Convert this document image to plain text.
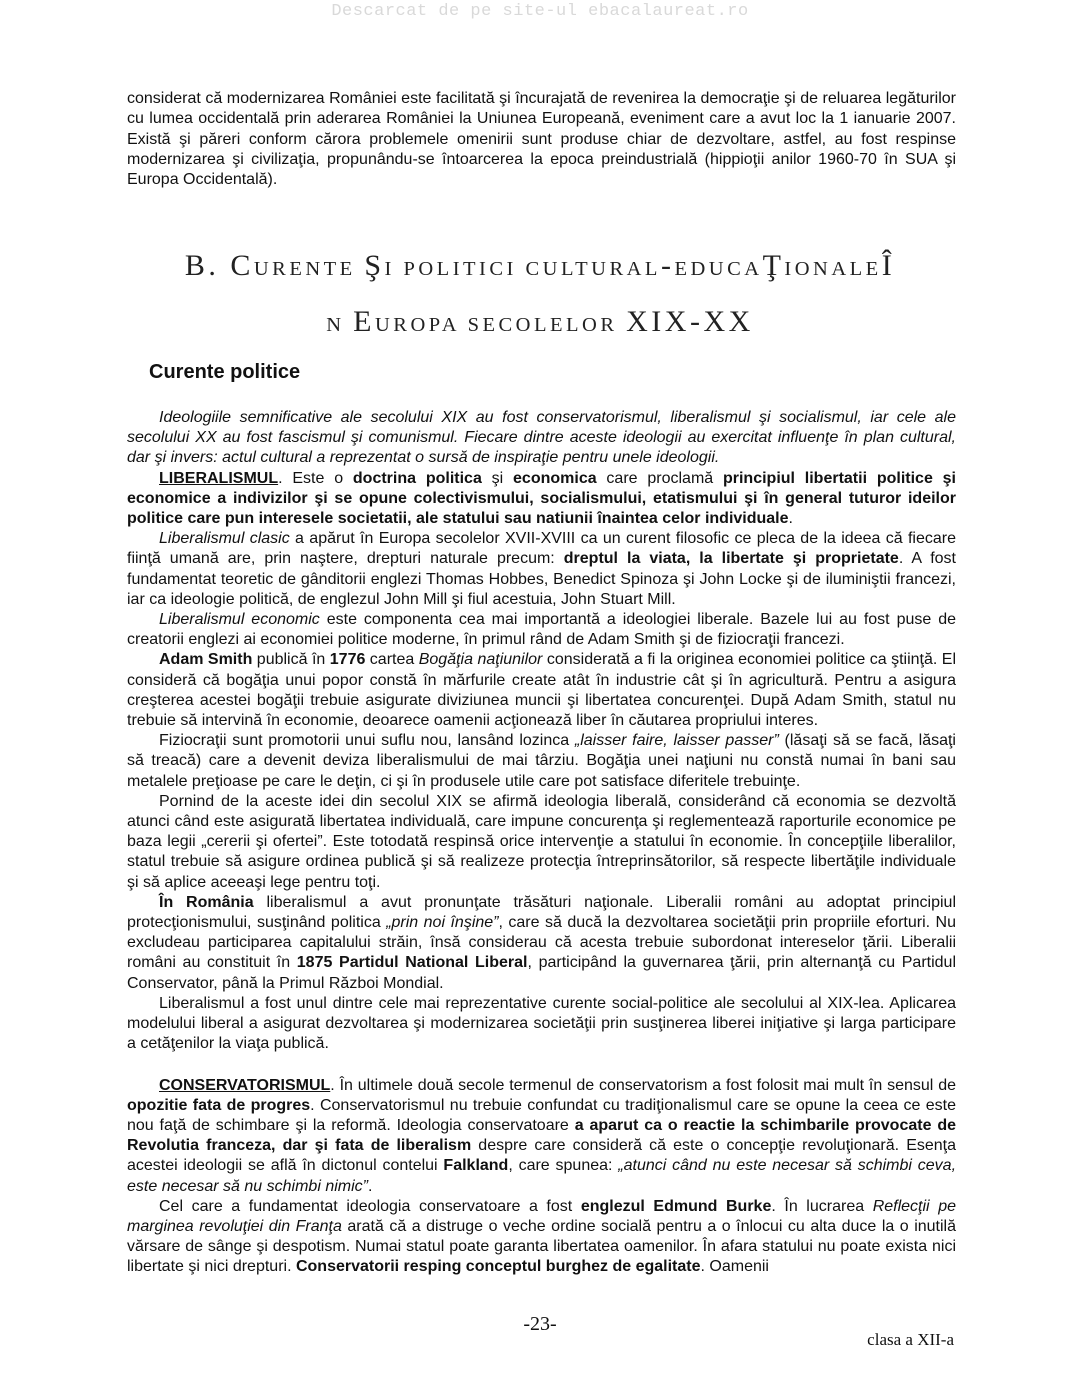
Descarcat de pe site-ul ebacalaureat.ro

considerat că modernizarea României este facilitată şi încurajată de revenirea la democraţie şi de reluarea legăturilor cu lumea occidentală prin aderarea României la Uniunea Europeană, eveniment care a avut loc la 1 ianuarie 2007. Există şi păreri conform cărora problemele omenirii sunt produse chiar de dezvoltare, astfel, au fost respinse modernizarea şi civilizaţia, propunându-se întoarcerea la epoca preindustrială (hippioţii anilor 1960-70 în SUA şi Europa Occidentală).

B. CURENTE ŞI POLITICI CULTURAL-EDUCAŢIONALEÎ
N EUROPA SECOLELOR XIX-XX
Curente politice

Ideologiile semnificative ale secolului XIX au fost conservatorismul, liberalismul şi socialismul, iar cele ale secolului XX au fost fascismul şi comunismul. Fiecare dintre aceste ideologii au exercitat influenţe în plan cultural, dar şi invers: actul cultural a reprezentat o sursă de inspiraţie pentru unele ideologii.

LIBERALISMUL. Este o doctrina politica şi economica care proclamă principiul libertatii politice şi economice a indivizilor şi se opune colectivismului, socialismului, etatismului şi în general tuturor ideilor politice care pun interesele societatii, ale statului sau natiunii înaintea celor individuale.

Liberalismul clasic a apărut în Europa secolelor XVII-XVIII ca un curent filosofic ce pleca de la ideea că fiecare fiinţă umană are, prin naştere, drepturi naturale precum: dreptul la viata, la libertate şi proprietate. A fost fundamentat teoretic de gânditorii englezi Thomas Hobbes, Benedict Spinoza şi John Locke şi de iluminiştii francezi, iar ca ideologie politică, de englezul John Mill şi fiul acestuia, John Stuart Mill.

Liberalismul economic este componenta cea mai importantă a ideologiei liberale. Bazele lui au fost puse de creatorii englezi ai economiei politice moderne, în primul rând de Adam Smith şi de fiziocraţii francezi.

Adam Smith publică în 1776 cartea Bogăţia naţiunilor considerată a fi la originea economiei politice ca ştiinţă. El consideră că bogăţia unui popor constă în mărfurile create atât în industrie cât şi în agricultură. Pentru a asigura creşterea acestei bogăţii trebuie asigurate diviziunea muncii şi libertatea concurenţei. După Adam Smith, statul nu trebuie să intervină în economie, deoarece oamenii acţionează liber în căutarea propriului interes.

Fiziocraţii sunt promotorii unui suflu nou, lansând lozinca „laisser faire, laisser passer” (lăsaţi să se facă, lăsaţi să treacă) care a devenit deviza liberalismului de mai târziu. Bogăţia unei naţiuni nu constă numai în bani sau metalele preţioase pe care le deţin, ci şi în produsele utile care pot satisface diferitele trebuinţe.

Pornind de la aceste idei din secolul XIX se afirmă ideologia liberală, considerând că economia se dezvoltă atunci când este asigurată libertatea individuală, care impune concurenţa şi reglementează raporturile economice pe baza legii „cererii şi ofertei”. Este totodată respinsă orice intervenţie a statului în economie. În concepţiile liberalilor, statul trebuie să asigure ordinea publică şi să realizeze protecţia întreprinsătorilor, să respecte libertăţile individuale şi să aplice aceeaşi lege pentru toţi.

În România liberalismul a avut pronunţate trăsături naţionale. Liberalii români au adoptat principiul protecţionismului, susţinând politica „prin noi înşine”, care să ducă la dezvoltarea societăţii prin propriile eforturi. Nu excludeau participarea capitalului străin, însă considerau că acesta trebuie subordonat intereselor ţării. Liberalii români au constituit în 1875 Partidul National Liberal, participând la guvernarea ţării, prin alternanţă cu Partidul Conservator, până la Primul Război Mondial.

Liberalismul a fost unul dintre cele mai reprezentative curente social-politice ale secolului al XIX-lea. Aplicarea modelului liberal a asigurat dezvoltarea şi modernizarea societăţii prin susţinerea liberei iniţiative şi larga participare a cetăţenilor la viaţa publică.

CONSERVATORISMUL. În ultimele două secole termenul de conservatorism a fost folosit mai mult în sensul de opozitie fata de progres. Conservatorismul nu trebuie confundat cu tradiţionalismul care se opune la ceea ce este nou faţă de schimbare şi la reformă. Ideologia conservatoare a aparut ca o reactie la schimbarile provocate de Revolutia franceza, dar şi fata de liberalism despre care consideră că este o concepţie revoluţionară. Esenţa acestei ideologii se află în dictonul contelui Falkland, care spunea: „atunci când nu este necesar să schimbi ceva, este necesar să nu schimbi nimic”.

Cel care a fundamentat ideologia conservatoare a fost englezul Edmund Burke. În lucrarea Reflecţii pe marginea revoluţiei din Franţa arată că a distruge o veche ordine socială pentru a o înlocui cu alta duce la o inutilă vărsare de sânge şi despotism. Numai statul poate garanta libertatea oamenilor. În afara statului nu poate exista nici libertate şi nici drepturi. Conservatorii resping conceptul burghez de egalitate. Oamenii

-23-
clasa a XII-a
